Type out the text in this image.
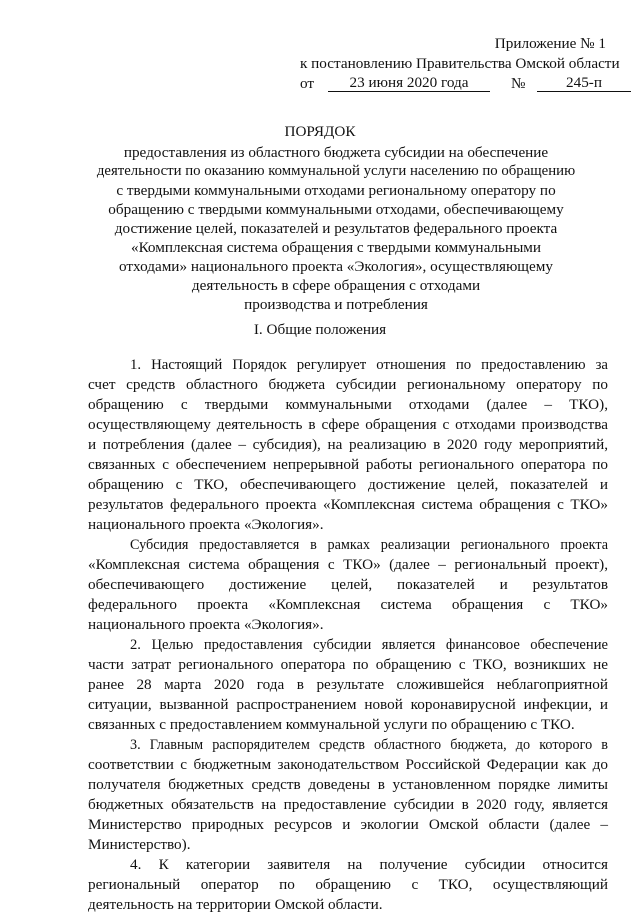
Приложение № 1
к постановлению Правительства Омской области
от	23 июня 2020 года	№	245-п
ПОРЯДОК
предоставления из областного бюджета субсидии на обеспечение
деятельности по оказанию коммунальной услуги населению по обращению
с твердыми коммунальными отходами региональному оператору по
обращению с твердыми коммунальными отходами, обеспечивающему
достижение целей, показателей и результатов федерального проекта
«Комплексная система обращения с твердыми коммунальными
отходами» национального проекта «Экология», осуществляющему
деятельность в сфере обращения с отходами
производства и потребления
I. Общие положения

1. Настоящий Порядок регулирует отношения по предоставлению за
счет средств областного бюджета субсидии региональному оператору по
обращению с твердыми коммунальными отходами (далее – ТКО),
осуществляющему деятельность в сфере обращения с отходами производства
и потребления (далее – субсидия), на реализацию в 2020 году мероприятий,
связанных с обеспечением непрерывной работы регионального оператора по
обращению с ТКО, обеспечивающего достижение целей, показателей и
результатов федерального проекта «Комплексная система обращения с ТКО»
национального проекта «Экология».

Субсидия предоставляется в рамках реализации регионального проекта
«Комплексная система обращения с ТКО» (далее – региональный проект),
обеспечивающего достижение целей, показателей и результатов
федерального проекта «Комплексная система обращения с ТКО»
национального проекта «Экология».

2. Целью предоставления субсидии является финансовое обеспечение
части затрат регионального оператора по обращению с ТКО, возникших не
ранее 28 марта 2020 года в результате сложившейся неблагоприятной
ситуации, вызванной распространением новой коронавирусной инфекции, и
связанных с предоставлением коммунальной услуги по обращению с ТКО.

3. Главным распорядителем средств областного бюджета, до которого в
соответствии с бюджетным законодательством Российской Федерации как до
получателя бюджетных средств доведены в установленном порядке лимиты
бюджетных обязательств на предоставление субсидии в 2020 году, является
Министерство природных ресурсов и экологии Омской области (далее –
Министерство).

4. К категории заявителя на получение субсидии относится
региональный оператор по обращению с ТКО, осуществляющий
деятельность на территории Омской области.
